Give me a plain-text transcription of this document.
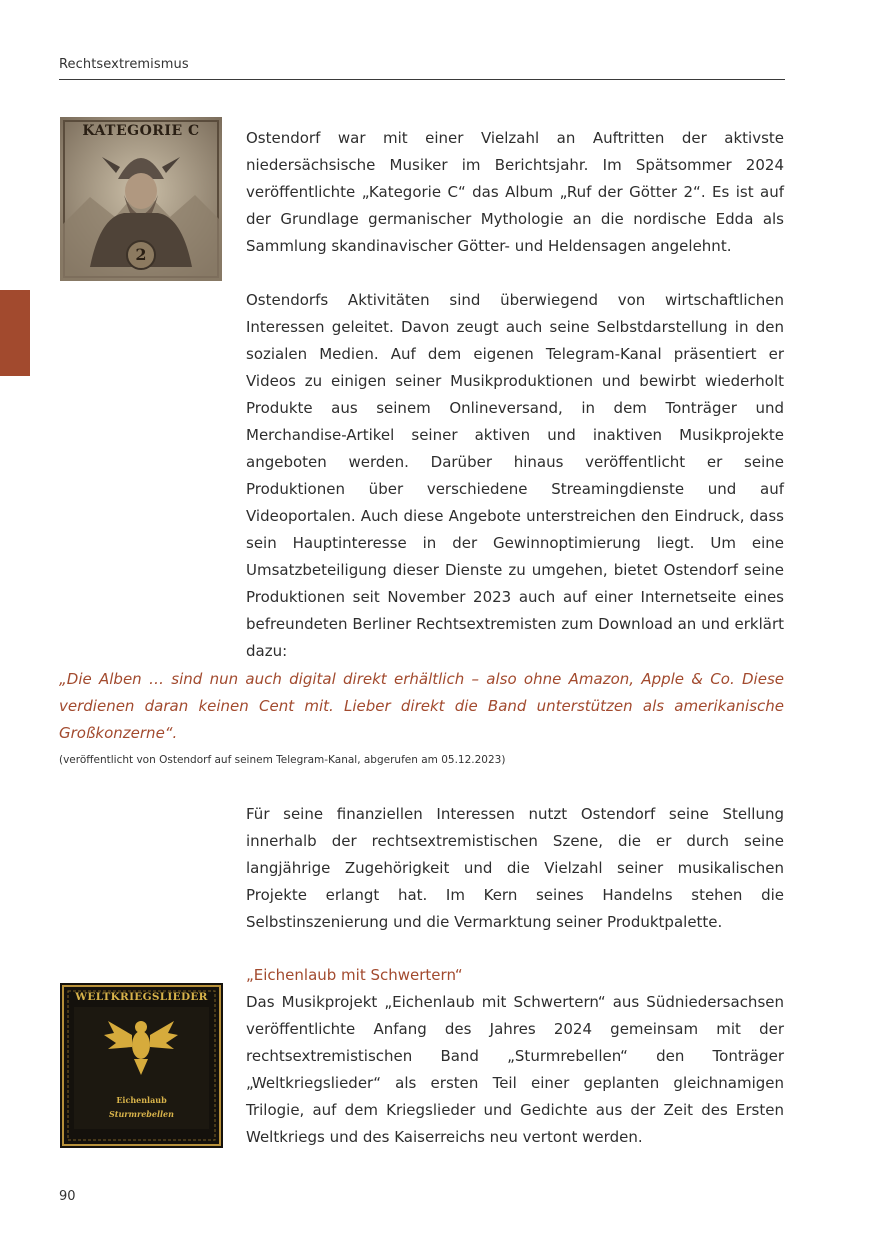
Rechtsextremismus
KATEGORIE C
2

Ostendorf war mit einer Vielzahl an Auftritten der aktivste niedersächsische Musiker im Berichtsjahr. Im Spätsommer 2024 veröffentlichte „Kategorie C“ das Album „Ruf der Götter 2“. Es ist auf der Grundlage germanischer Mythologie an die nordische Edda als Sammlung skandinavischer Götter- und Heldensagen angelehnt.

Ostendorfs Aktivitäten sind überwiegend von wirtschaftlichen Interessen geleitet. Davon zeugt auch seine Selbstdarstellung in den sozialen Medien. Auf dem eigenen Telegram-Kanal präsentiert er Videos zu einigen seiner Musikproduktionen und bewirbt wiederholt Produkte aus seinem Onlineversand, in dem Tonträger und Merchandise-Artikel seiner aktiven und inaktiven Musikprojekte angeboten werden. Darüber hinaus veröffentlicht er seine Produktionen über verschiedene Streamingdienste und auf Videoportalen. Auch diese Angebote unterstreichen den Eindruck, dass sein Hauptinteresse in der Gewinnoptimierung liegt. Um eine Umsatzbeteiligung dieser Dienste zu umgehen, bietet Ostendorf seine Produktionen seit November 2023 auch auf einer Internetseite eines befreundeten Berliner Rechtsextremisten zum Download an und erklärt dazu:

„Die Alben … sind nun auch digital direkt erhältlich – also ohne Amazon, Apple & Co. Diese verdienen daran keinen Cent mit. Lieber direkt die Band unterstützen als amerikanische Großkonzerne“.

(veröffentlicht von Ostendorf auf seinem Telegram-Kanal, abgerufen am 05.12.2023)

Für seine finanziellen Interessen nutzt Ostendorf seine Stellung innerhalb der rechtsextremistischen Szene, die er durch seine langjährige Zugehörigkeit und die Vielzahl seiner musikalischen Projekte erlangt hat. Im Kern seines Handelns stehen die Selbstinszenierung und die Vermarktung seiner Produktpalette.

„Eichenlaub mit Schwertern“

WELTKRIEGSLIEDER
Eichenlaub
Sturmrebellen

Das Musikprojekt „Eichenlaub mit Schwertern“ aus Südniedersachsen veröffentlichte Anfang des Jahres 2024 gemeinsam mit der rechtsextremistischen Band „Sturmrebellen“ den Tonträger „Weltkriegslieder“ als ersten Teil einer geplanten gleichnamigen Trilogie, auf dem Kriegslieder und Gedichte aus der Zeit des Ersten Weltkriegs und des Kaiserreichs neu vertont werden.

90
